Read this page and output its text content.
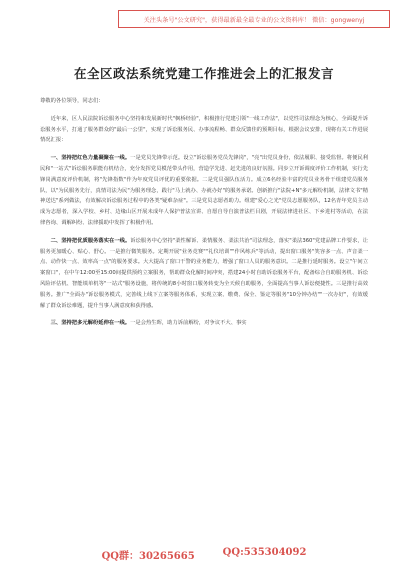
关注头条号"公文研究"，获得最新最全最专业的公文资料库！ 微信：gongwenyj
在全区政法系统党建工作推进会上的汇报发言

尊敬的各位领导，同志们：

近年来，区人民法院诉讼服务中心坚持和发展新时代"枫桥经验"，积极推行党建引领"一线工作法"，以党性司法理念为核心，全面提升诉讼服务水平，打通了服务群众的"最后一公里"，实现了诉讼服务民、办事流程畅、群众反馈佳的预期目标，根据会议安排，现将有关工作进展情况汇报：

一、坚持把红色力量凝聚在一线。一是党员先锋带示范。设立"诉讼服务党员先锋岗"，"亮"出党员身份，依法履职、接受监督。将便民利民和"一站式"诉讼服务职能有机结合，充分发挥党员模范带头作用，营造学先进、赶先进的良好氛围。同步立开诉调度评价工作机制，实行先锋岗满意度评价机制，将"先锋指数"作为年度党员评优的重要依据。二是党员强队伍活力。成立6名经验丰富的党员业务骨干组建党员服务队，以"为民服务先行，真情司法为民"为服务理念，践行"马上就办、办就办好"的服务承诺。创新推行"法院+N"多元解纷机制，法律文书"精神送达"系列做法，有效解决诉讼服务过程中的各类"疑难杂症"。三是党员志愿者助力。组建"爱心之光"党员志愿服务队，12名青年党员主动成为志愿者，深入学校、乡村、边缘山区开展未成年人保护普法宣讲、自愿自导自演普法栏目剧，开展法律进社区、下乡进村等活动，在法律咨询、调解纠纷、法律援助中发挥了积极作用。

二、坚持把优质服务落实在一线。诉讼服务中心坚持"柔性解诉、柔情服务、柔法共治"司法理念，落实"柔法360"党建品牌工作要求，让服务更加暖心、贴心、舒心。一是推行微笑服务。定期开展"业务竞赛""礼仪培训""作风练兵"等活动，提出窗口服务"笑容多一点、声音柔一点、动作快一点、效率高一点"的服务要求。大大提高了窗口干警的业务能力，增强了窗口人员的服务意识。二是推行延时服务。设立"午间立案窗口"，在中午12:00至15:00间提供预约立案服务，帮助群众化解时间冲突，搭建24小时自助诉讼服务平台，配备综合自助服务机、诉讼风险评估机、智能填单机等"一站式"服务设施，将传统的8小时窗口服务转变为全天候自助服务，全面提高当事人诉讼便捷性。三是推行高效服务。推广"全面办"诉讼服务模式，完善线上线下立案等服务体系，实现立案、缴费、保全、鉴定等服务"10分钟办结""一次办好"，有效缓解了群众诉讼难题，提升当事人满意度和获得感。

三、坚持把多元解纷延伸在一线。一是会热生晖，助力诉前解纷，对争议不大、事实

QQ群：30265665	QQ:535304092
